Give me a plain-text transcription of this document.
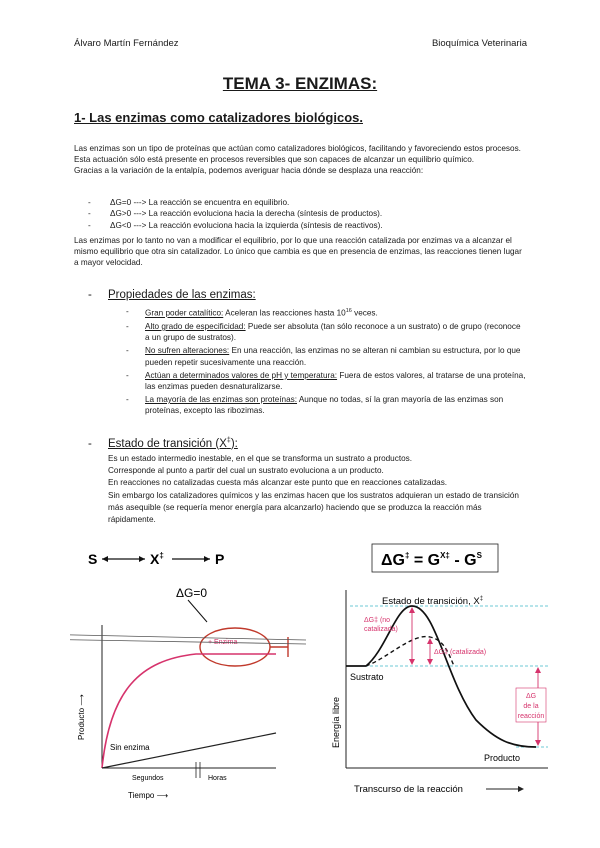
Álvaro Martín Fernández	Bioquímica Veterinaria
TEMA 3- ENZIMAS:
1- Las enzimas como catalizadores biológicos.
Las enzimas son un tipo de proteínas que actúan como catalizadores biológicos, facilitando y favoreciendo estos procesos. Esta actuación sólo está presente en procesos reversibles que son capaces de alcanzar un equilibrio químico.
Gracias a la variación de la entalpía, podemos averiguar hacia dónde se desplaza una reacción:
- ΔG=0 ---> La reacción se encuentra en equilibrio.
- ΔG>0 ---> La reacción evoluciona hacia la derecha (síntesis de productos).
- ΔG<0 ---> La reacción evoluciona hacia la izquierda (síntesis de reactivos).
Las enzimas por lo tanto no van a modificar el equilibrio, por lo que una reacción catalizada por enzimas va a alcanzar el mismo equilibrio que otra sin catalizador. Lo único que cambia es que en presencia de enzimas, las reacciones tienen lugar a mayor velocidad.
- Propiedades de las enzimas:
- Gran poder catalítico: Aceleran las reacciones hasta $10^{16}$ veces.
- Alto grado de especificidad: Puede ser absoluta (tan sólo reconoce a un sustrato) o de grupo (reconoce a un grupo de sustratos).
- No sufren alteraciones: En una reacción, las enzimas no se alteran ni cambian su estructura, por lo que pueden repetir sucesivamente una reacción.
- Actúan a determinados valores de pH y temperatura: Fuera de estos valores, al tratarse de una proteína, las enzimas pueden desnaturalizarse.
- La mayoría de las enzimas son proteínas: Aunque no todas, sí la gran mayoría de las enzimas son proteínas, excepto las ribozimas.
- Estado de transición (X‡):
Es un estado intermedio inestable, en el que se transforma un sustrato a productos.
Corresponde al punto a partir del cual un sustrato evoluciona a un producto.
En reacciones no catalizadas cuesta más alcanzar este punto que en reacciones catalizadas.
Sin embargo los catalizadores químicos y las enzimas hacen que los sustratos adquieran un estado de transición más asequible (se requería menor energía para alcanzarlo) haciendo que se produzca la reacción más rápidamente.
S	X‡	P
ΔG=0
+ Enzima
Sin enzima
Producto ⟶
Segundos	Horas
Tiempo ⟶
$\Delta G^\ddagger = G^{X\ddagger} - G^S$
Estado de transición, X‡
ΔG‡ (no
catalizada)
ΔG‡ (catalizada)
ΔG
de la
reacción
Sustrato
Producto
Energía libre
Transcurso de la reacción
